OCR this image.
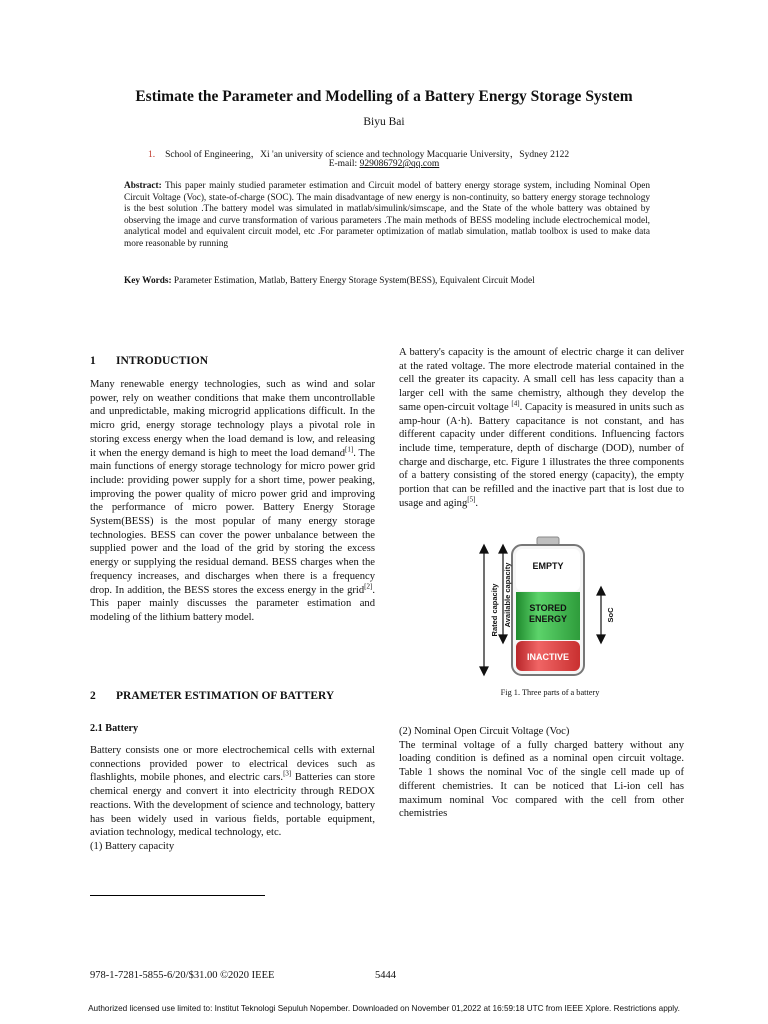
Estimate the Parameter and Modelling of a Battery Energy Storage System
Biyu Bai
1. School of Engineering，Xi 'an university of science and technology Macquarie University，Sydney 2122
E-mail: 929086792@qq.com
Abstract: This paper mainly studied parameter estimation and Circuit model of battery energy storage system, including Nominal Open Circuit Voltage (Voc), state-of-charge (SOC). The main disadvantage of new energy is non-continuity, so battery energy storage technology is the best solution .The battery model was simulated in matlab/simulink/simscape, and the State of the whole battery was obtained by observing the image and curve transformation of various parameters .The main methods of BESS modeling include electrochemical model, analytical model and equivalent circuit model, etc .For parameter optimization of matlab simulation, matlab toolbox is used to make data more reasonable by running
Key Words: Parameter Estimation, Matlab, Battery Energy Storage System(BESS), Equivalent Circuit Model
1 INTRODUCTION

Many renewable energy technologies, such as wind and solar power, rely on weather conditions that make them uncontrollable and unpredictable, making microgrid applications difficult. In the micro grid, energy storage technology plays a pivotal role in storing excess energy when the load demand is low, and releasing it when the energy demand is high to meet the load demand[1]. The main functions of energy storage technology for micro power grid include: providing power supply for a short time, power peaking, improving the power quality of micro power grid and improving the performance of micro power. Battery Energy Storage System(BESS) is the most popular of many energy storage technologies. BESS can cover the power unbalance between the supplied power and the load of the grid by storing the excess energy or supplying the residual demand. BESS charges when the frequency increases, and discharges when there is a frequency drop. In addition, the BESS stores the excess energy in the grid[2]. This paper mainly discusses the parameter estimation and modeling of the lithium battery model.

2 PRAMETER ESTIMATION OF BATTERY
2.1 Battery

Battery consists one or more electrochemical cells with external connections provided power to electrical devices such as flashlights, mobile phones, and electric cars.[3] Batteries can store chemical energy and convert it into electricity through REDOX reactions. With the development of science and technology, battery has been widely used in various fields, portable equipment, aviation technology, medical technology, etc.

(1) Battery capacity

A battery's capacity is the amount of electric charge it can deliver at the rated voltage. The more electrode material contained in the cell the greater its capacity. A small cell has less capacity than a larger cell with the same chemistry, although they develop the same open-circuit voltage [4]. Capacity is measured in units such as amp-hour (A·h). Battery capacitance is not constant, and has different capacity under different conditions. Influencing factors include time, temperature, depth of discharge (DOD), number of charge and discharge, etc. Figure 1 illustrates the three components of a battery consisting of the stored energy (capacity), the empty portion that can be refilled and the inactive part that is lost due to usage and aging[5].

EMPTY
STORED
ENERGY
INACTIVE
Rated capacity Available capacity	SoC
Fig 1. Three parts of a battery

(2) Nominal Open Circuit Voltage (Voc)

The terminal voltage of a fully charged battery without any loading condition is defined as a nominal open circuit voltage. Table 1 shows the nominal Voc of the single cell made up of different chemistries. It can be noticed that Li-ion cell has maximum nominal Voc compared with the cell from other chemistries

978-1-7281-5855-6/20/$31.00 ©2020 IEEE	5444
Authorized licensed use limited to: Institut Teknologi Sepuluh Nopember. Downloaded on November 01,2022 at 16:59:18 UTC from IEEE Xplore. Restrictions apply.
